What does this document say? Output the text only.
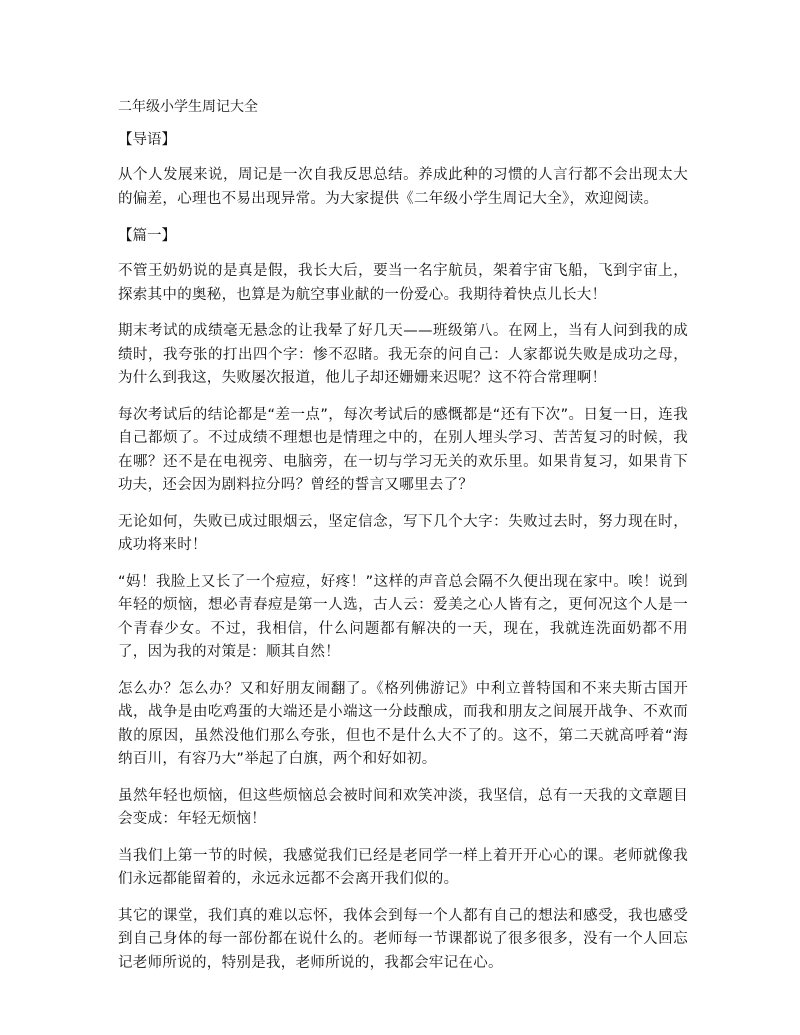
二年级小学生周记大全
【导语】

从个人发展来说，周记是一次自我反思总结。养成此种的习惯的人言行都不会出现太大的偏差，心理也不易出现异常。为大家提供《二年级小学生周记大全》，欢迎阅读。

【篇一】

不管王奶奶说的是真是假，我长大后，要当一名宇航员，架着宇宙飞船，飞到宇宙上，探索其中的奥秘，也算是为航空事业献的一份爱心。我期待着快点儿长大！

期末考试的成绩毫无悬念的让我晕了好几天——班级第八。在网上，当有人问到我的成绩时，我夸张的打出四个字：惨不忍睹。我无奈的问自己：人家都说失败是成功之母，为什么到我这，失败屡次报道，他儿子却还姗姗来迟呢？这不符合常理啊！

每次考试后的结论都是“差一点”，每次考试后的感慨都是“还有下次”。日复一日，连我自己都烦了。不过成绩不理想也是情理之中的，在别人埋头学习、苦苦复习的时候，我在哪？还不是在电视旁、电脑旁，在一切与学习无关的欢乐里。如果肯复习，如果肯下功夫，还会因为剧料拉分吗？曾经的誓言又哪里去了？

无论如何，失败已成过眼烟云，坚定信念，写下几个大字：失败过去时，努力现在时，成功将来时！

“妈！我脸上又长了一个痘痘，好疼！”这样的声音总会隔不久便出现在家中。唉！说到年轻的烦恼，想必青春痘是第一人选，古人云：爱美之心人皆有之，更何况这个人是一个青春少女。不过，我相信，什么问题都有解决的一天，现在，我就连洗面奶都不用了，因为我的对策是：顺其自然！

怎么办？怎么办？又和好朋友闹翻了。《格列佛游记》中利立普特国和不来夫斯古国开战，战争是由吃鸡蛋的大端还是小端这一分歧酿成，而我和朋友之间展开战争、不欢而散的原因，虽然没他们那么夸张，但也不是什么大不了的。这不，第二天就高呼着“海纳百川，有容乃大”举起了白旗，两个和好如初。

虽然年轻也烦恼，但这些烦恼总会被时间和欢笑冲淡，我坚信，总有一天我的文章题目会变成：年轻无烦恼！

当我们上第一节的时候，我感觉我们已经是老同学一样上着开开心心的课。老师就像我们永远都能留着的，永远永远都不会离开我们似的。

其它的课堂，我们真的难以忘怀，我体会到每一个人都有自己的想法和感受，我也感受到自己身体的每一部份都在说什么的。老师每一节课都说了很多很多，没有一个人回忘记老师所说的，特别是我，老师所说的，我都会牢记在心。
